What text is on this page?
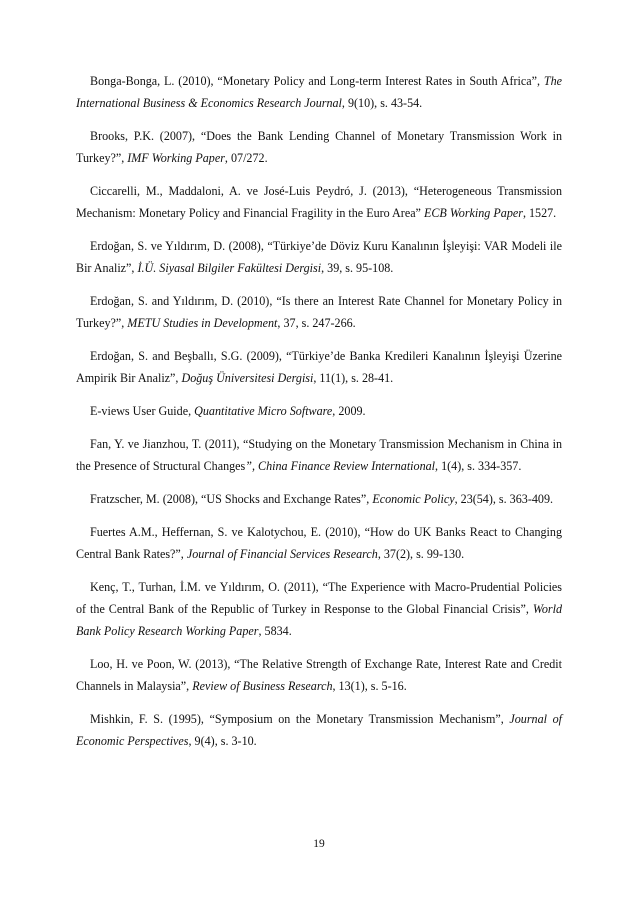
Bonga-Bonga, L. (2010), “Monetary Policy and Long-term Interest Rates in South Africa”, The International Business & Economics Research Journal, 9(10), s. 43-54.

Brooks, P.K. (2007), “Does the Bank Lending Channel of Monetary Transmission Work in Turkey?”, IMF Working Paper, 07/272.

Ciccarelli, M., Maddaloni, A. ve José-Luis Peydró, J. (2013), “Heterogeneous Transmission Mechanism: Monetary Policy and Financial Fragility in the Euro Area” ECB Working Paper, 1527.

Erdoğan, S. ve Yıldırım, D. (2008), “Türkiye’de Döviz Kuru Kanalının İşleyişi: VAR Modeli ile Bir Analiz”, İ.Ü. Siyasal Bilgiler Fakültesi Dergisi, 39, s. 95-108.

Erdoğan, S. and Yıldırım, D. (2010), “Is there an Interest Rate Channel for Monetary Policy in Turkey?”, METU Studies in Development, 37, s. 247-266.

Erdoğan, S. and Beşballı, S.G. (2009), “Türkiye’de Banka Kredileri Kanalının İşleyişi Üzerine Ampirik Bir Analiz”, Doğuş Üniversitesi Dergisi, 11(1), s. 28-41.

E-views User Guide, Quantitative Micro Software, 2009.

Fan, Y. ve Jianzhou, T. (2011), “Studying on the Monetary Transmission Mechanism in China in the Presence of Structural Changes”, China Finance Review International, 1(4), s. 334-357.

Fratzscher, M. (2008), “US Shocks and Exchange Rates”, Economic Policy, 23(54), s. 363-409.

Fuertes A.M., Heffernan, S. ve Kalotychou, E. (2010), “How do UK Banks React to Changing Central Bank Rates?”, Journal of Financial Services Research, 37(2), s. 99-130.

Kenç, T., Turhan, İ.M. ve Yıldırım, O. (2011), “The Experience with Macro-Prudential Policies of the Central Bank of the Republic of Turkey in Response to the Global Financial Crisis”, World Bank Policy Research Working Paper, 5834.

Loo, H. ve Poon, W. (2013), “The Relative Strength of Exchange Rate, Interest Rate and Credit Channels in Malaysia”, Review of Business Research, 13(1), s. 5-16.

Mishkin, F. S. (1995), “Symposium on the Monetary Transmission Mechanism”, Journal of Economic Perspectives, 9(4), s. 3-10.

19
